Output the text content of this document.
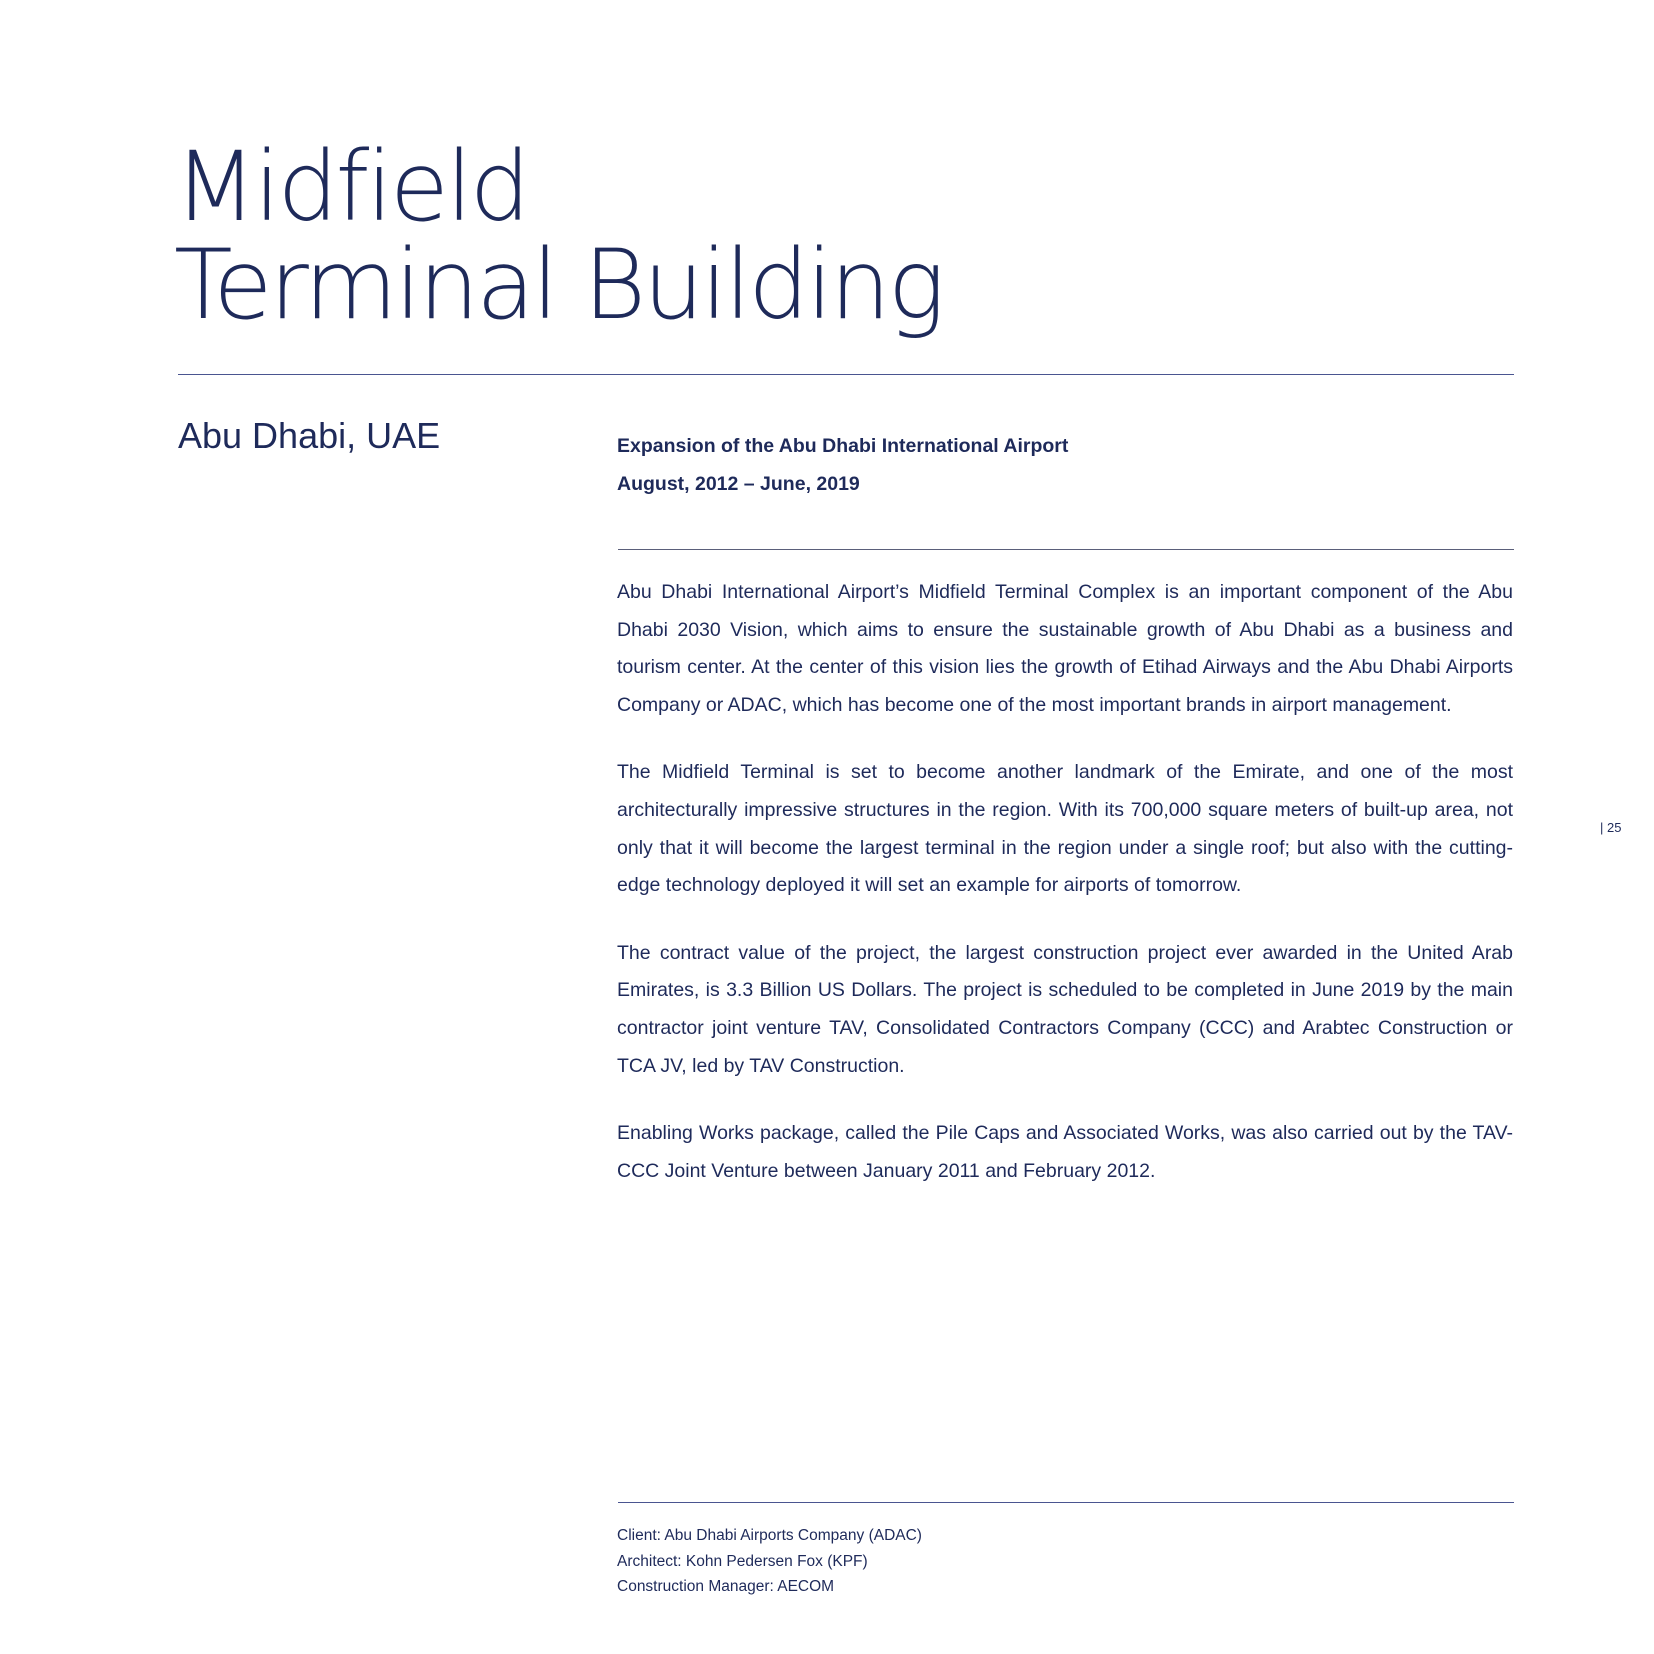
Midfield
Terminal Building
Abu Dhabi, UAE	Expansion of the Abu Dhabi International Airport
August, 2012 – June, 2019

Abu Dhabi International Airport’s Midfield Terminal Complex is an important component of the Abu Dhabi 2030 Vision, which aims to ensure the sustainable growth of Abu Dhabi as a business and tourism center. At the center of this vision lies the growth of Etihad Airways and the Abu Dhabi Airports Company or ADAC, which has become one of the most important brands in airport management.

The Midfield Terminal is set to become another landmark of the Emirate, and one of the most architecturally impressive structures in the region. With its 700,000 square meters of built-up area, not only that it will become the largest terminal in the region under a single roof; but also with the cutting-edge technology deployed it will set an example for airports of tomorrow.

The contract value of the project, the largest construction project ever awarded in the United Arab Emirates, is 3.3 Billion US Dollars. The project is scheduled to be completed in June 2019 by the main contractor joint venture TAV, Consolidated Contractors Company (CCC) and Arabtec Construction or TCA JV, led by TAV Construction.

Enabling Works package, called the Pile Caps and Associated Works, was also carried out by the TAV-CCC Joint Venture between January 2011 and February 2012.

| 25
Client: Abu Dhabi Airports Company (ADAC)
Architect: Kohn Pedersen Fox (KPF)
Construction Manager: AECOM
